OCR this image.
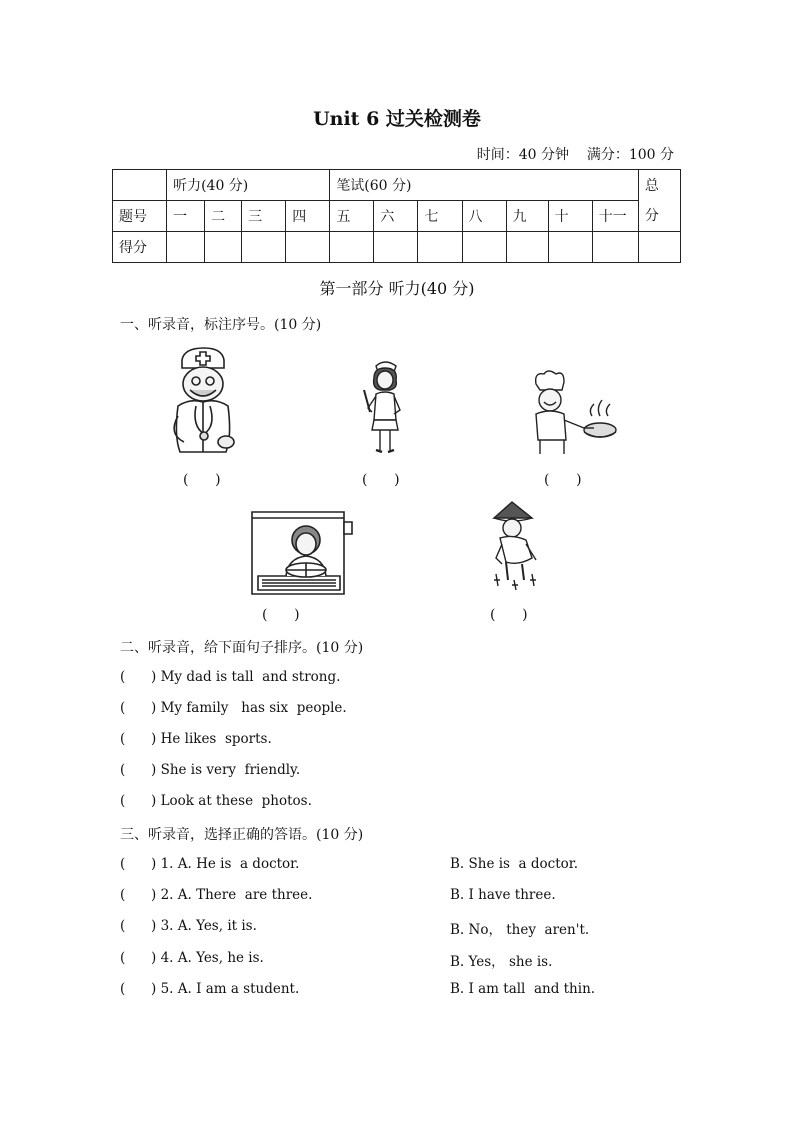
Unit 6 过关检测卷
时间：40 分钟    满分：100 分
	听力(40 分)				笔试(60 分)							总
分
题号	一	二	三	四	五	六	七	八	九	十	十一	
得分												
第一部分 听力(40 分)
一、听录音，标注序号。(10 分)
(      )	(      )	(      )
(      )	(      )
二、听录音，给下面句子排序。(10 分)
(      ) My dad is tall  and strong.
(      ) My family   has six  people.
(      ) He likes  sports.
(      ) She is very  friendly.
(      ) Look at these  photos.
三、听录音，选择正确的答语。(10 分)
(      ) 1. A. He is  a doctor.	B. She is  a doctor.
(      ) 2. A. There  are three.	B. I have three.
(      ) 3. A. Yes, it is.	B. No， they  aren't.
(      ) 4. A. Yes, he is.	B. Yes， she is.
(      ) 5. A. I am a student.	B. I am tall  and thin.
